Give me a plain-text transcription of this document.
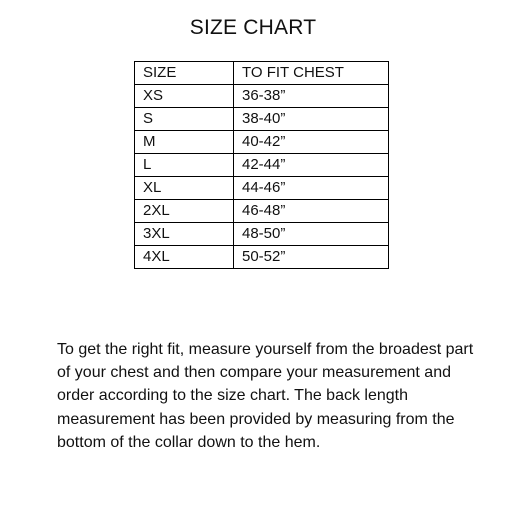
SIZE CHART
SIZE	TO FIT CHEST
XS	36-38”
S	38-40”
M	40-42”
L	42-44”
XL	44-46”
2XL	46-48”
3XL	48-50”
4XL	50-52”

To get the right fit, measure yourself from the broadest part of your chest and then compare your measurement and order according to the size chart. The back length measurement has been provided by measuring from the bottom of the collar down to the hem.
